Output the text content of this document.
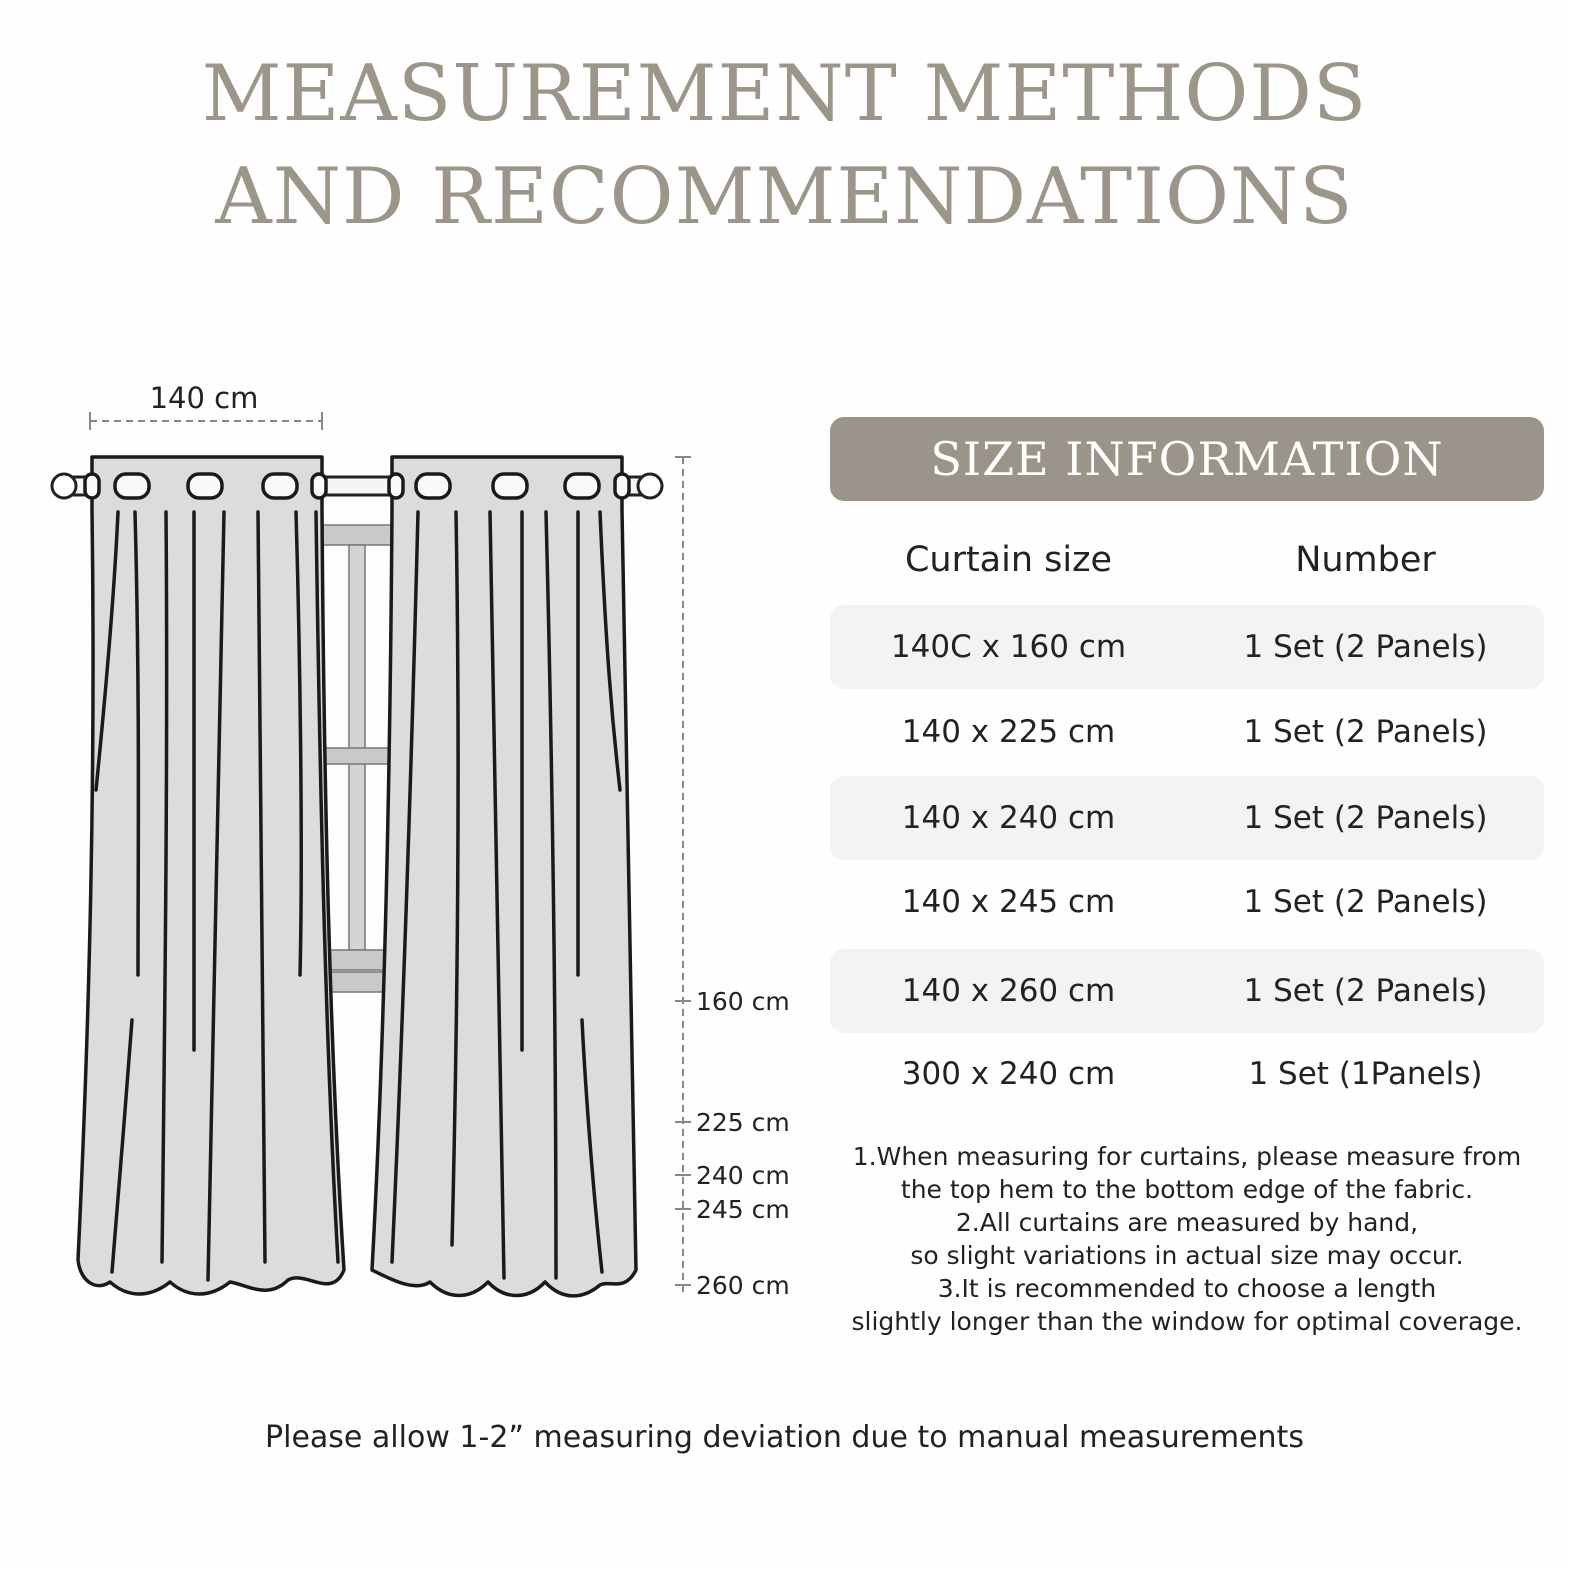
MEASUREMENT METHODS
AND RECOMMENDATIONS
140 cm
160 cm
225 cm
240 cm
245 cm
260 cm
SIZE INFORMATION
Curtain size	Number
140C x 160 cm	1 Set (2 Panels)
140 x 225 cm	1 Set (2 Panels)
140 x 240 cm	1 Set (2 Panels)
140 x 245 cm	1 Set (2 Panels)
140 x 260 cm	1 Set (2 Panels)
300 x 240 cm	1 Set (1Panels)
1.When measuring for curtains, please measure from
the top hem to the bottom edge of the fabric.
2.All curtains are measured by hand,
so slight variations in actual size may occur.
3.It is recommended to choose a length
slightly longer than the window for optimal coverage.
Please allow 1-2” measuring deviation due to manual measurements
